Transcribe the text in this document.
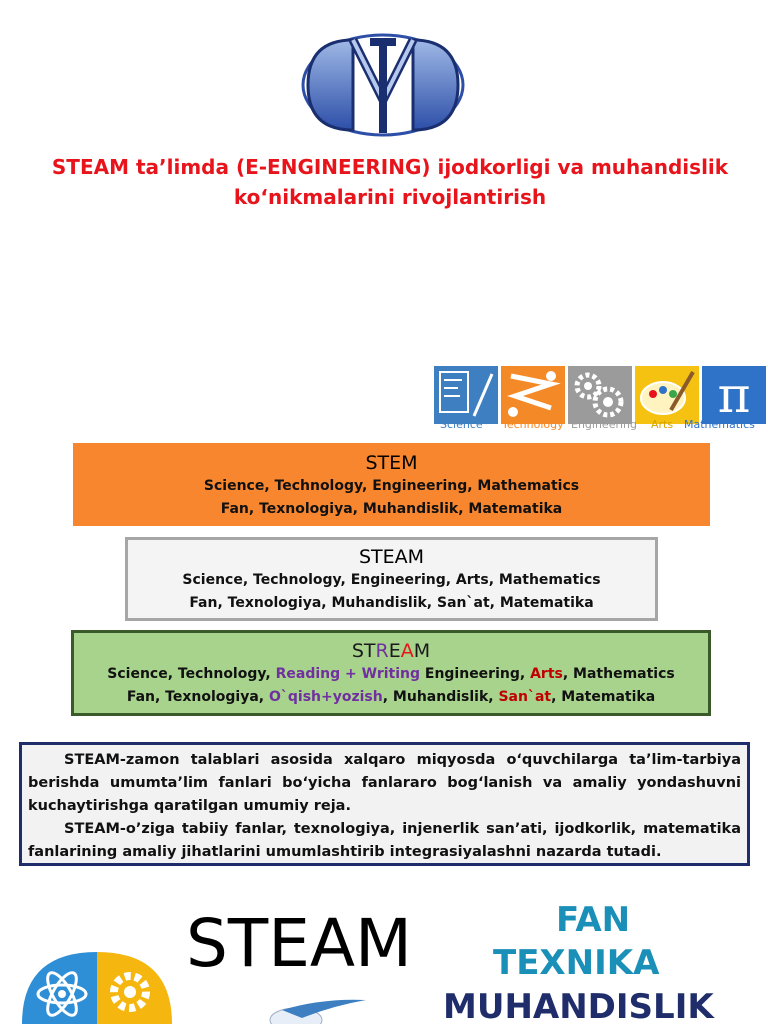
STEAM ta’limda (E-ENGINEERING) ijodkorligi va muhandislik
ko‘nikmalarini rivojlantirish
π
Science Technology Engineering Arts Mathematics
STEM
Science, Technology, Engineering, Mathematics
Fan, Texnologiya, Muhandislik, Matematika
STEAM
Science, Technology, Engineering, Arts, Mathematics
Fan, Texnologiya, Muhandislik, San`at, Matematika
STREAM
Science, Technology, Reading + Writing Engineering, Arts, Mathematics
Fan, Texnologiya, O`qish+yozish, Muhandislik, San`at, Matematika

STEAM-zamon talablari asosida xalqaro miqyosda o‘quvchilarga ta’lim-tarbiya berishda umumta’lim fanlari bo‘yicha fanlararo bog‘lanish va amaliy yondashuvni kuchaytirishga qaratilgan umumiy reja.

STEAM-o’ziga tabiiy fanlar, texnologiya, injenerlik san’ati, ijodkorlik, matematika fanlarining amaliy jihatlarini umumlashtirib integrasiyalashni nazarda tutadi.

STEAM	FAN
TEXNIKA
MUHANDISLIK
